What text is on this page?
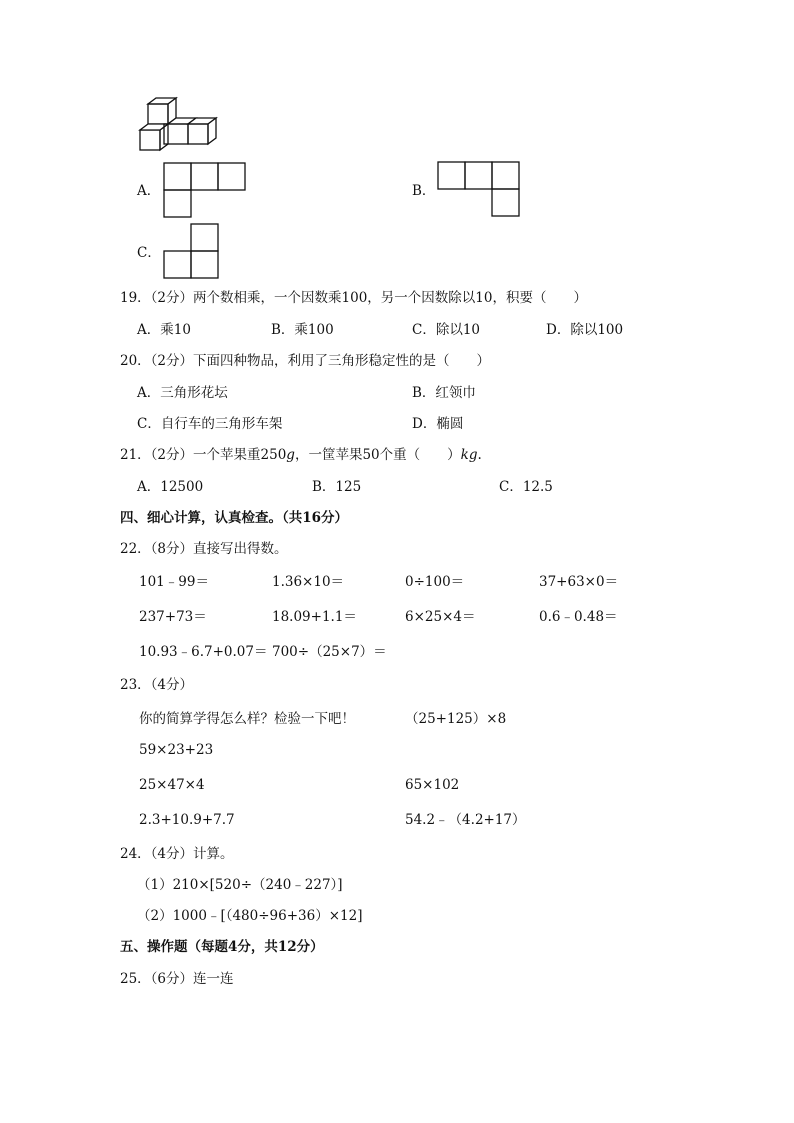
A．	B．
C．
19．（2分）两个数相乘，一个因数乘100，另一个因数除以10，积要（　　）
A．乘10	B．乘100	C．除以10	D．除以100
20．（2分）下面四种物品，利用了三角形稳定性的是（　　）
A．三角形花坛	B．红领巾
C．自行车的三角形车架	D．椭圆
21．（2分）一个苹果重250g，一筐苹果50个重（　　）kg.
A．12500	B．125	C．12.5
四、细心计算，认真检查。（共16分）
22．（8分）直接写出得数。
101﹣99＝	1.36×10＝	0÷100＝	37+63×0＝
237+73＝	18.09+1.1＝	6×25×4＝	0.6﹣0.48＝
10.93﹣6.7+0.07＝ 700÷（25×7）＝
23．（4分）
你的简算学得怎么样？检验一下吧！	（25+125）×8
59×23+23
25×47×4	65×102
2.3+10.9+7.7	54.2﹣（4.2+17）
24．（4分）计算。
（1）210×[520÷（240﹣227）]
（2）1000﹣[（480÷96+36）×12]
五、操作题（每题4分，共12分）
25．（6分）连一连
